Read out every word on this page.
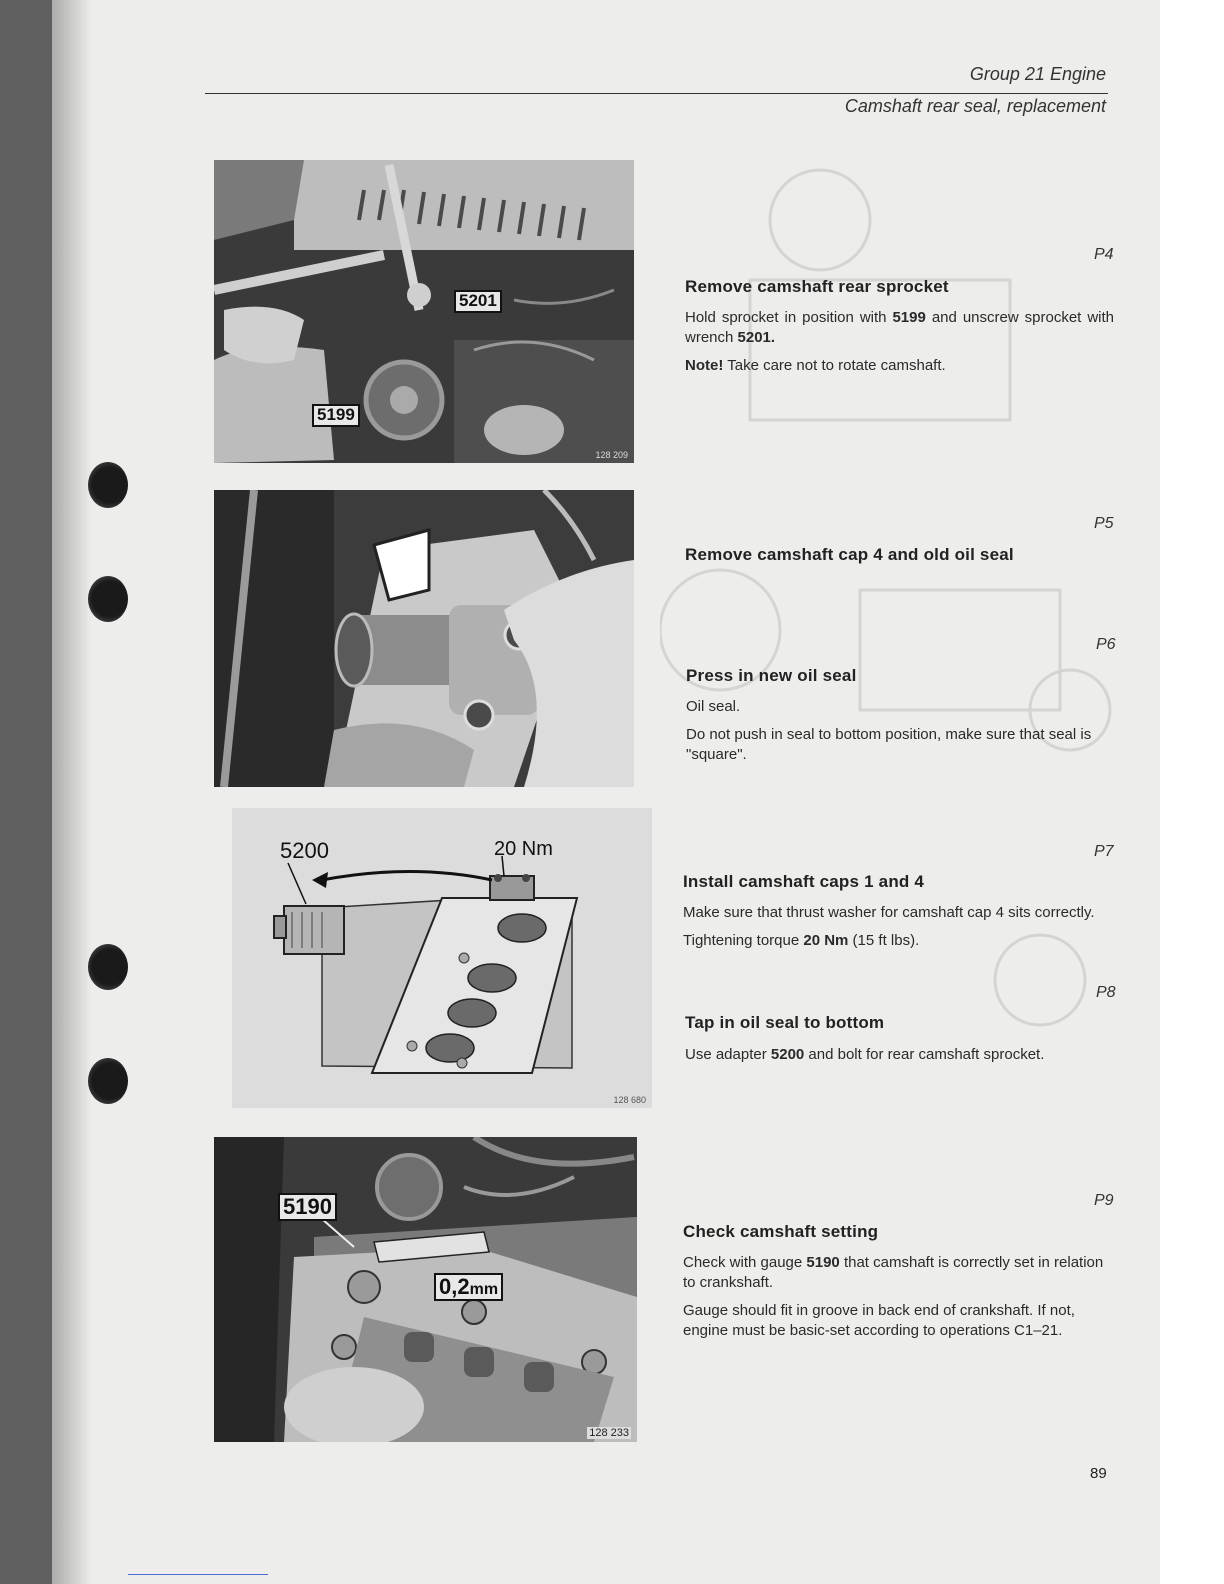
Group 21 Engine
Camshaft rear seal, replacement
5201
5199
128 209
128 240
5200	20 Nm
128 680
5190
0,2mm
128 233
P4
Remove camshaft rear sprocket

Hold sprocket in position with 5199 and unscrew sprocket with wrench 5201.

Note! Take care not to rotate camshaft.

P5
Remove camshaft cap 4 and old oil seal
P6
Press in new oil seal

Oil seal.

Do not push in seal to bottom position, make sure that seal is "square".

P7
Install camshaft caps 1 and 4

Make sure that thrust washer for camshaft cap 4 sits correctly.

Tightening torque 20 Nm (15 ft lbs).

P8
Tap in oil seal to bottom

Use adapter 5200 and bolt for rear camshaft sprocket.

P9
Check camshaft setting

Check with gauge 5190 that camshaft is correctly set in relation to crankshaft.

Gauge should fit in groove in back end of crankshaft. If not, engine must be basic-set according to operations C1–21.

89
